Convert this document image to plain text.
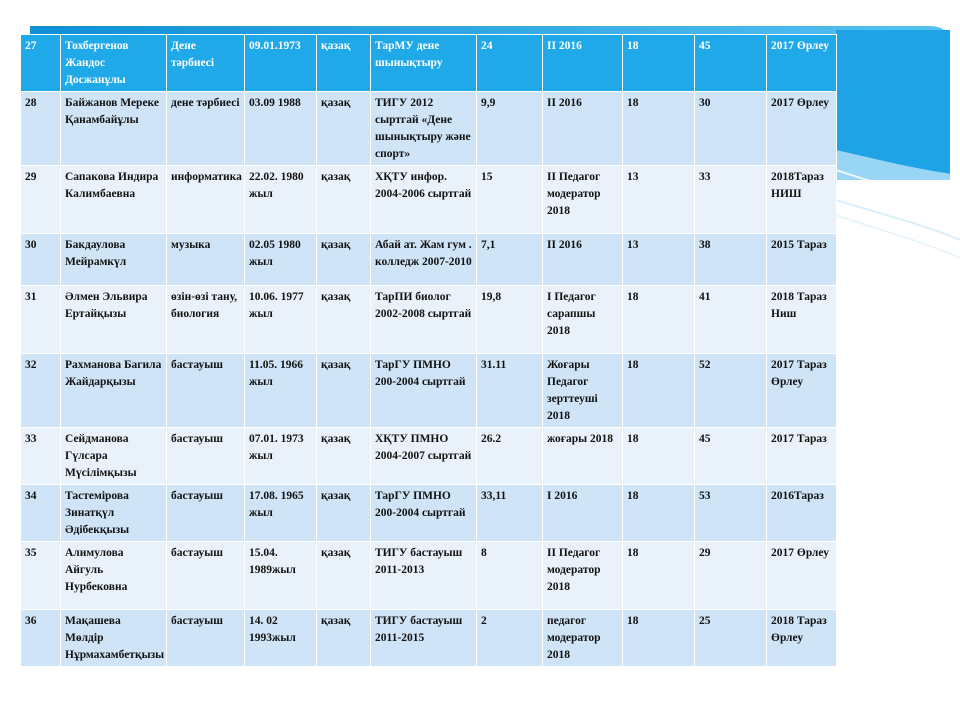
27	Тохбергенов Жандос Досжанұлы	Дене тәрбиесі	09.01.1973	қазақ	ТарМУ дене шынықтыру	24	II 2016	18	45	2017 Өрлеу
28	Байжанов Мереке Қанамбайұлы	дене тәрбиесі	03.09 1988	қазақ	ТИГУ 2012 сыртгай «Дене шынықтыру және спорт»	9,9	II 2016	18	30	2017 Өрлеу
29	Сапакова Индира Калимбаевна	информатика	22.02. 1980 жыл	қазақ	ХҚТУ инфор. 2004-2006 сыртгай	15	II Педагог модератор 2018	13	33	2018Тараз НИШ
30	Бакдаулова Мейрамкүл	музыка	02.05 1980 жыл	қазақ	Абай ат. Жам гум . колледж 2007-2010	7,1	II 2016	13	38	2015 Тараз
31	Әлмен Эльвира Ертайқызы	өзін-өзі тану, биология	10.06. 1977 жыл	қазақ	ТарПИ биолог 2002-2008 сыртгай	19,8	I Педагог сарапшы 2018	18	41	2018 Тараз Ниш
32	Рахманова Багила Жайдарқызы	бастауыш	11.05. 1966 жыл	қазақ	ТарГУ ПМНО 200-2004 сыртгай	31.11	Жоғары Педагог зерттеуші 2018	18	52	2017 Тараз Өрлеу
33	Сейдманова Гүлсара Мүсілімқызы	бастауыш	07.01. 1973 жыл	қазақ	ХҚТУ ПМНО 2004-2007 сыртгай	26.2	жоғары 2018	18	45	2017 Тараз
34	Тастемірова Зинатқүл Әдібекқызы	бастауыш	17.08. 1965 жыл	қазақ	ТарГУ ПМНО 200-2004 сыртгай	33,11	I 2016	18	53	2016Тараз
35	Алимулова Айгуль Нурбековна	бастауыш	15.04. 1989жыл	қазақ	ТИГУ бастауыш 2011-2013	8	II Педагог модератор 2018	18	29	2017 Өрлеу
36	Мақашева Мөлдір Нұрмахамбетқызы	бастауыш	14. 02 1993жыл	қазақ	ТИГУ бастауыш 2011-2015	2	педагог модератор 2018	18	25	2018 Тараз Өрлеу
